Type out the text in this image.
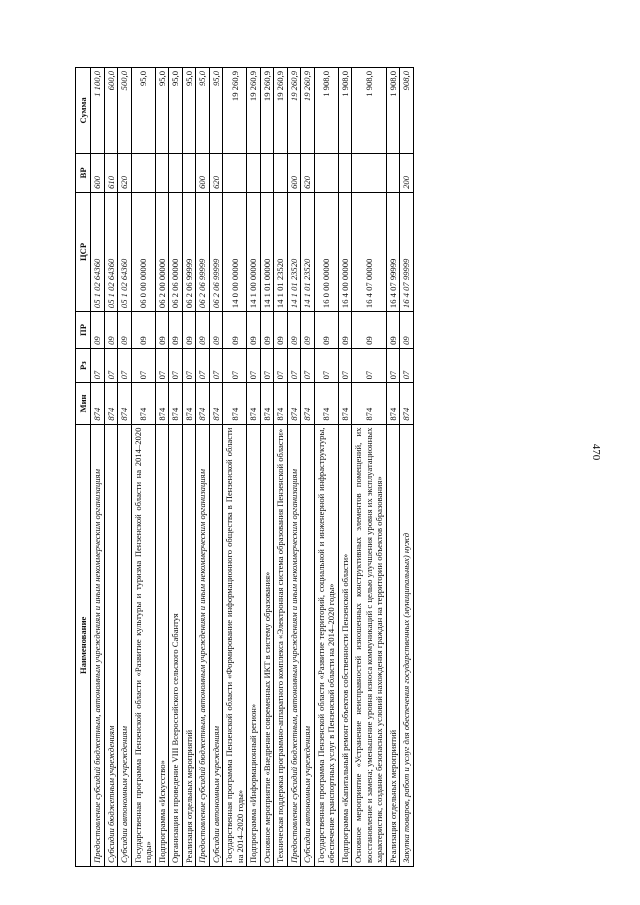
470
Наименование	Мин	Рз	ПР	ЦСР	ВР	Сумма
Предоставление субсидий бюджетным, автономным учреждениям и иным некоммерческим организациям	874	07	09	05 1 02 64360	600	1 100,0
Субсидии бюджетным учреждениям	874	07	09	05 1 02 64360	610	600,0
Субсидии автономным учреждениям	874	07	09	05 1 02 64360	620	500,0
Государственная программа Пензенской области «Развитие культуры и туризма Пензенской области на 2014–2020 годы»	874	07	09	06 0 00 00000		95,0
Подпрограмма «Искусство»	874	07	09	06 2 00 00000		95,0
Организация и проведение VIII Всероссийского сельского Сабантуя	874	07	09	06 2 06 00000		95,0
Реализация отдельных мероприятий	874	07	09	06 2 06 99999		95,0
Предоставление субсидий бюджетным, автономным учреждениям и иным некоммерческим организациям	874	07	09	06 2 06 99999	600	95,0
Субсидии автономным учреждениям	874	07	09	06 2 06 99999	620	95,0
Государственная программа Пензенской области «Формирование информационного общества в Пензенской области на 2014–2020 годы»	874	07	09	14 0 00 00000		19 260,9
Подпрограмма «Информационный регион»	874	07	09	14 1 00 00000		19 260,9
Основное мероприятие «Внедрение современных ИКТ в систему образования»	874	07	09	14 1 01 00000		19 260,9
Техническая поддержка программно-аппаратного комплекса «Электронная система образования Пензенской области»	874	07	09	14 1 01 23520		19 260,9
Предоставление субсидий бюджетным, автономным учреждениям и иным некоммерческим организациям	874	07	09	14 1 01 23520	600	19 260,9
Субсидии автономным учреждениям	874	07	09	14 1 01 23520	620	19 260,9
Государственная программа Пензенской области «Развитие территорий, социальной и инженерной инфраструктуры, обеспечение транспортных услуг в Пензенской области на 2014–2020 годы»	874	07	09	16 0 00 00000		1 908,0
Подпрограмма «Капитальный ремонт объектов собственности Пензенской области»	874	07	09	16 4 00 00000		1 908,0
Основное мероприятие «Устранение неисправностей изношенных конструктивных элементов помещений, их восстановление и замена; уменьшение уровня износа коммуникаций с целью улучшения уровня их эксплуатационных характеристик, создание безопасных условий нахождения граждан на территории объектов образования»	874	07	09	16 4 07 00000		1 908,0
Реализация отдельных мероприятий	874	07	09	16 4 07 99999		1 908,0
Закупка товаров, работ и услуг для обеспечения государственных (муниципальных) нужд	874	07	09	16 4 07 99999	200	908,0
